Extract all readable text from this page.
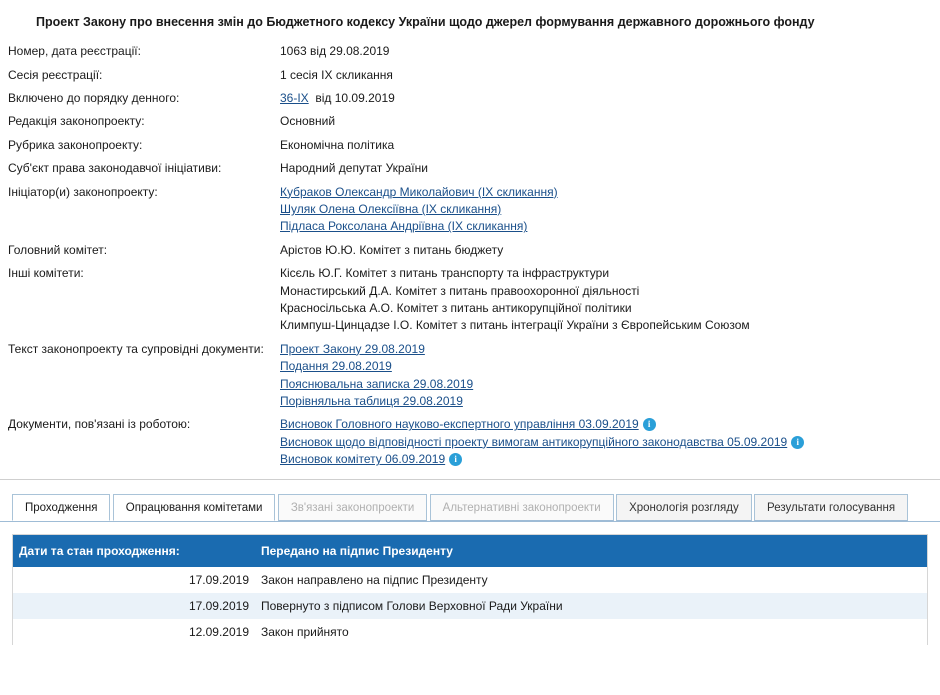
Проект Закону про внесення змін до Бюджетного кодексу України щодо джерел формування державного дорожнього фонду
Номер, дата реєстрації:	1063 від 29.08.2019
Сесія реєстрації:	1 сесія IX скликання
Включено до порядку денного:	36-IX від 10.09.2019
Редакція законопроекту:	Основний
Рубрика законопроекту:	Економічна політика
Суб'єкт права законодавчої ініціативи:	Народний депутат України
Ініціатор(и) законопроекту:	Кубраков Олександр Миколайович (IX скликання)
Шуляк Олена Олексіївна (IX скликання)
Підласа Роксолана Андріївна (IX скликання)

Головний комітет:	Арістов Ю.Ю. Комітет з питань бюджету
Інші комітети:	Кісєль Ю.Г. Комітет з питань транспорту та інфраструктури
Монастирський Д.А. Комітет з питань правоохоронної діяльності
Красносільська А.О. Комітет з питань антикорупційної політики
Климпуш-Цинцадзе І.О. Комітет з питань інтеграції України з Європейським Союзом

Текст законопроекту та супровідні документи:	Проект Закону 29.08.2019
Подання 29.08.2019
Пояснювальна записка 29.08.2019
Порівняльна таблиця 29.08.2019

Документи, пов'язані із роботою:	Висновок Головного науково-експертного управління 03.09.2019 i
Висновок щодо відповідності проекту вимогам антикорупційного законодавства 05.09.2019 i
Висновок комітету 06.09.2019 i
Проходження Опрацювання комітетами Зв'язані законопроекти Альтернативні законопроекти Хронологія розгляду Результати голосування
Дати та стан проходження:	Передано на підпис Президенту
17.09.2019	Закон направлено на підпис Президенту
17.09.2019	Повернуто з підписом Голови Верховної Ради України
12.09.2019	Закон прийнято
